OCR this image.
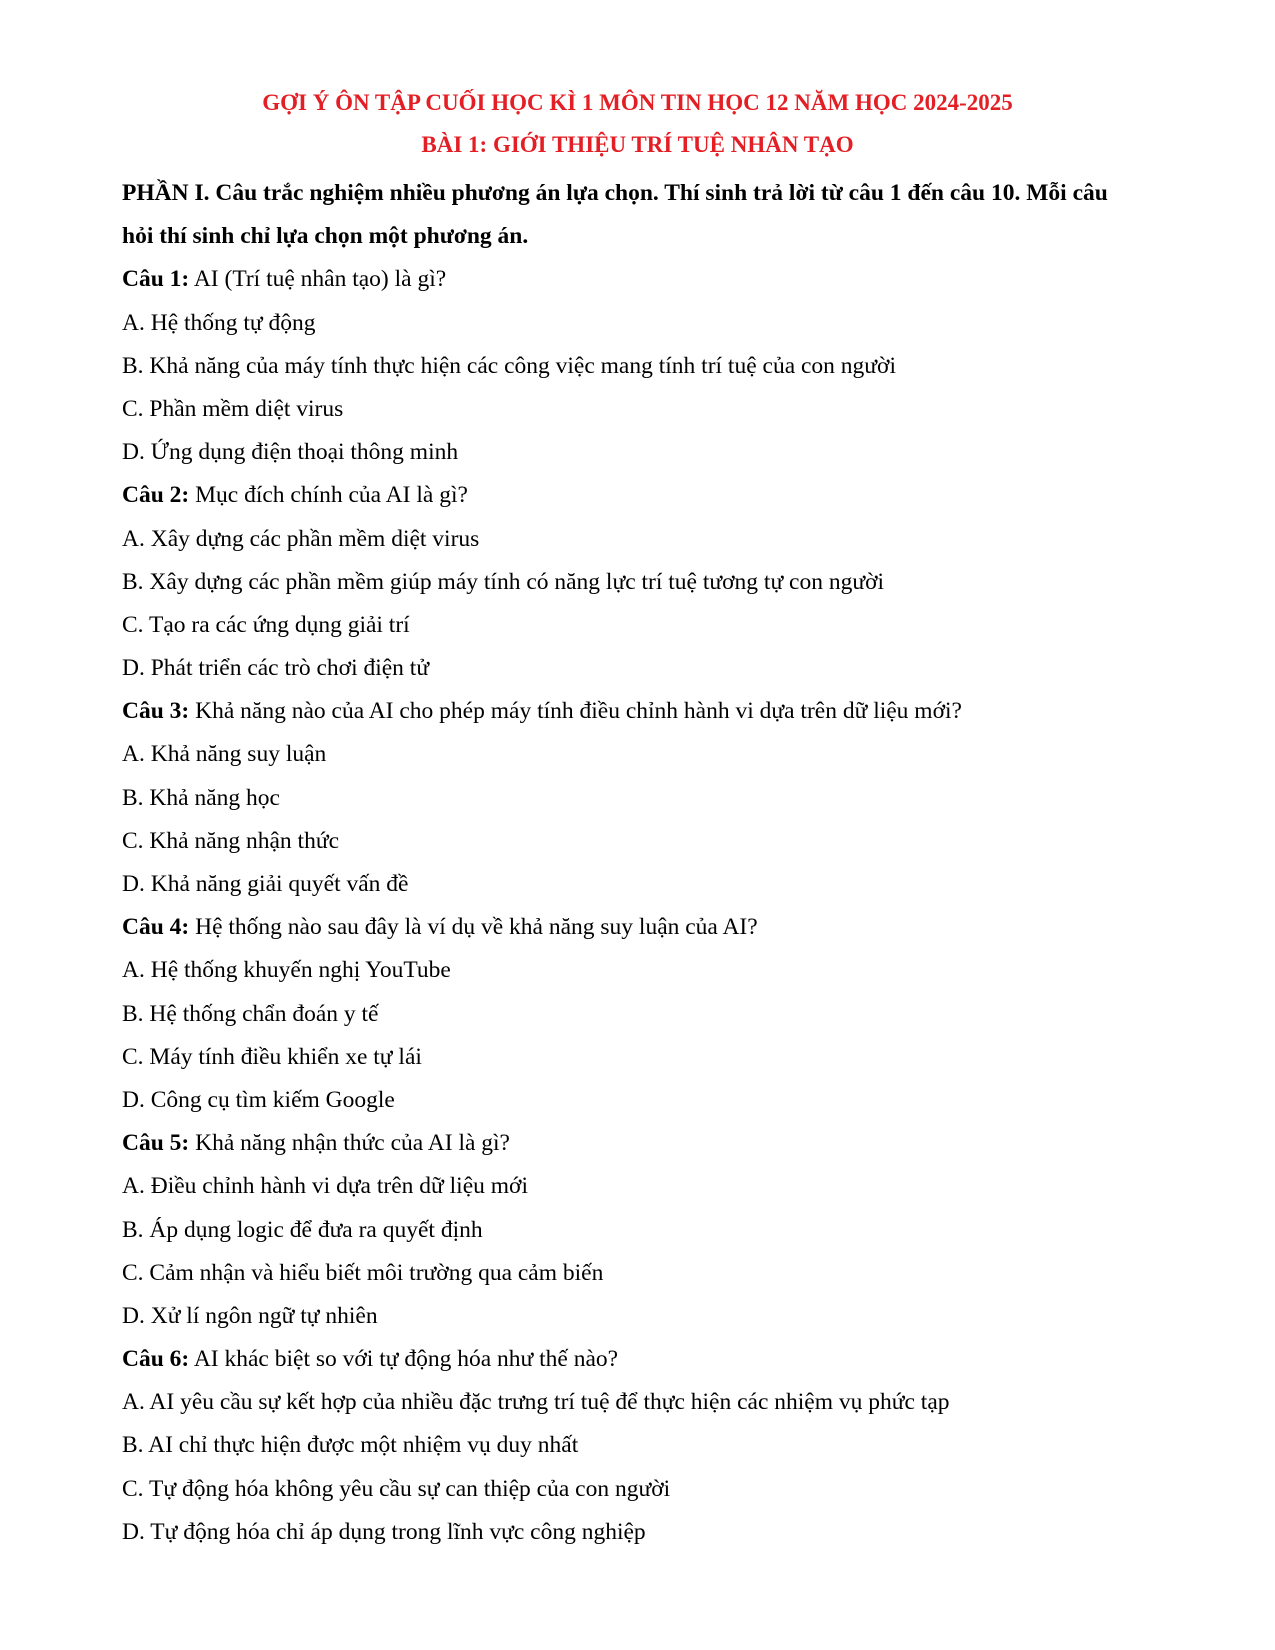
GỢI Ý ÔN TẬP CUỐI HỌC KÌ 1 MÔN TIN HỌC 12 NĂM HỌC 2024-2025
BÀI 1: GIỚI THIỆU TRÍ TUỆ NHÂN TẠO
PHẦN I. Câu trắc nghiệm nhiều phương án lựa chọn. Thí sinh trả lời từ câu 1 đến câu 10. Mỗi câu
hỏi thí sinh chỉ lựa chọn một phương án.
Câu 1: AI (Trí tuệ nhân tạo) là gì?
A. Hệ thống tự động
B. Khả năng của máy tính thực hiện các công việc mang tính trí tuệ của con người
C. Phần mềm diệt virus
D. Ứng dụng điện thoại thông minh
Câu 2: Mục đích chính của AI là gì?
A. Xây dựng các phần mềm diệt virus
B. Xây dựng các phần mềm giúp máy tính có năng lực trí tuệ tương tự con người
C. Tạo ra các ứng dụng giải trí
D. Phát triển các trò chơi điện tử
Câu 3: Khả năng nào của AI cho phép máy tính điều chỉnh hành vi dựa trên dữ liệu mới?
A. Khả năng suy luận
B. Khả năng học
C. Khả năng nhận thức
D. Khả năng giải quyết vấn đề
Câu 4: Hệ thống nào sau đây là ví dụ về khả năng suy luận của AI?
A. Hệ thống khuyến nghị YouTube
B. Hệ thống chẩn đoán y tế
C. Máy tính điều khiển xe tự lái
D. Công cụ tìm kiếm Google
Câu 5: Khả năng nhận thức của AI là gì?
A. Điều chỉnh hành vi dựa trên dữ liệu mới
B. Áp dụng logic để đưa ra quyết định
C. Cảm nhận và hiểu biết môi trường qua cảm biến
D. Xử lí ngôn ngữ tự nhiên
Câu 6: AI khác biệt so với tự động hóa như thế nào?
A. AI yêu cầu sự kết hợp của nhiều đặc trưng trí tuệ để thực hiện các nhiệm vụ phức tạp
B. AI chỉ thực hiện được một nhiệm vụ duy nhất
C. Tự động hóa không yêu cầu sự can thiệp của con người
D. Tự động hóa chỉ áp dụng trong lĩnh vực công nghiệp
